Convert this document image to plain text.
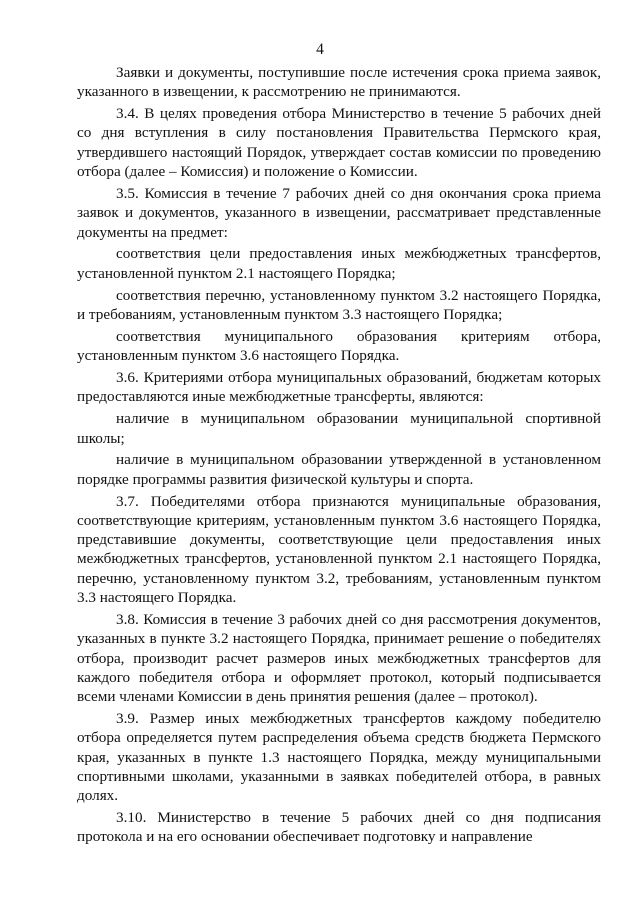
4

Заявки и документы, поступившие после истечения срока приема заявок, указанного в извещении, к рассмотрению не принимаются.

3.4. В целях проведения отбора Министерство в течение 5 рабочих дней со дня вступления в силу постановления Правительства Пермского края, утвердившего настоящий Порядок, утверждает состав комиссии по проведению отбора (далее – Комиссия) и положение о Комиссии.

3.5. Комиссия в течение 7 рабочих дней со дня окончания срока приема заявок и документов, указанного в извещении, рассматривает представленные документы на предмет:

соответствия цели предоставления иных межбюджетных трансфертов, установленной пунктом 2.1 настоящего Порядка;

соответствия перечню, установленному пунктом 3.2 настоящего Порядка, и требованиям, установленным пунктом 3.3 настоящего Порядка;

соответствия муниципального образования критериям отбора, установленным пунктом 3.6 настоящего Порядка.

3.6. Критериями отбора муниципальных образований, бюджетам которых предоставляются иные межбюджетные трансферты, являются:

наличие в муниципальном образовании муниципальной спортивной школы;

наличие в муниципальном образовании утвержденной в установленном порядке программы развития физической культуры и спорта.

3.7. Победителями отбора признаются муниципальные образования, соответствующие критериям, установленным пунктом 3.6 настоящего Порядка, представившие документы, соответствующие цели предоставления иных межбюджетных трансфертов, установленной пунктом 2.1 настоящего Порядка, перечню, установленному пунктом 3.2, требованиям, установленным пунктом 3.3 настоящего Порядка.

3.8. Комиссия в течение 3 рабочих дней со дня рассмотрения документов, указанных в пункте 3.2 настоящего Порядка, принимает решение о победителях отбора, производит расчет размеров иных межбюджетных трансфертов для каждого победителя отбора и оформляет протокол, который подписывается всеми членами Комиссии в день принятия решения (далее – протокол).

3.9. Размер иных межбюджетных трансфертов каждому победителю отбора определяется путем распределения объема средств бюджета Пермского края, указанных в пункте 1.3 настоящего Порядка, между муниципальными спортивными школами, указанными в заявках победителей отбора, в равных долях.

3.10. Министерство в течение 5 рабочих дней со дня подписания протокола и на его основании обеспечивает подготовку и направление
